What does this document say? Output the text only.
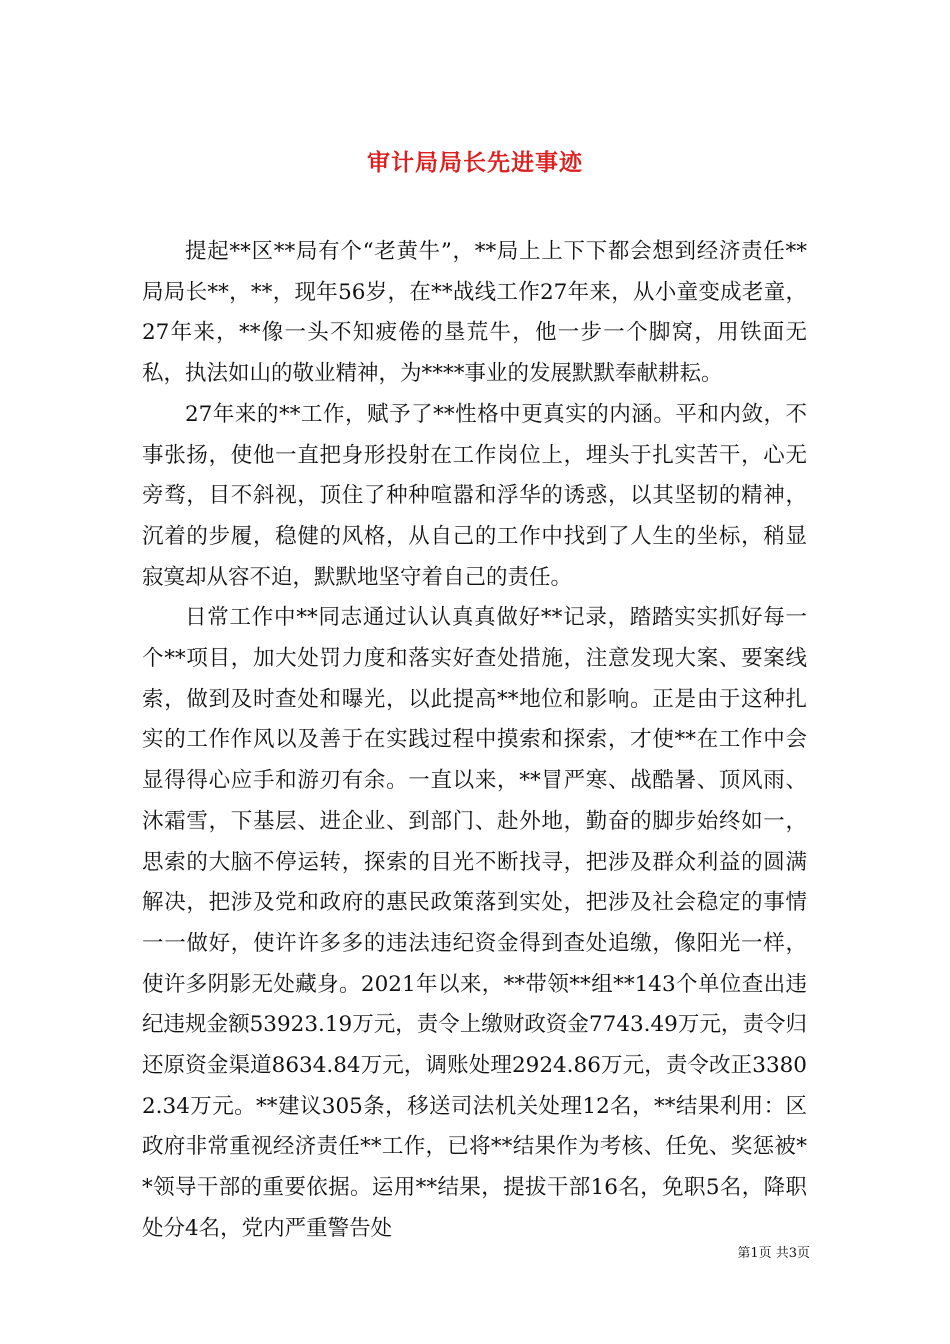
审计局局长先进事迹

提起**区**局有个“老黄牛”，**局上上下下都会想到经济责任**局局长**，**，现年56岁，在**战线工作27年来，从小童变成老童，27年来，**像一头不知疲倦的垦荒牛，他一步一个脚窝，用铁面无私，执法如山的敬业精神，为****事业的发展默默奉献耕耘。

27年来的**工作，赋予了**性格中更真实的内涵。平和内敛，不事张扬，使他一直把身形投射在工作岗位上，埋头于扎实苦干，心无旁骛，目不斜视，顶住了种种喧嚣和浮华的诱惑，以其坚韧的精神，沉着的步履，稳健的风格，从自己的工作中找到了人生的坐标，稍显寂寞却从容不迫，默默地坚守着自己的责任。

日常工作中**同志通过认认真真做好**记录，踏踏实实抓好每一个**项目，加大处罚力度和落实好查处措施，注意发现大案、要案线索，做到及时查处和曝光，以此提高**地位和影响。正是由于这种扎实的工作作风以及善于在实践过程中摸索和探索，才使**在工作中会显得得心应手和游刃有余。一直以来，**冒严寒、战酷暑、顶风雨、沐霜雪，下基层、进企业、到部门、赴外地，勤奋的脚步始终如一，思索的大脑不停运转，探索的目光不断找寻，把涉及群众利益的圆满解决，把涉及党和政府的惠民政策落到实处，把涉及社会稳定的事情一一做好，使许许多多的违法违纪资金得到查处追缴，像阳光一样，使许多阴影无处藏身。2021年以来，**带领**组**143个单位查出违纪违规金额53923.19万元，责令上缴财政资金7743.49万元，责令归还原资金渠道8634.84万元，调账处理2924.86万元，责令改正33802.34万元。**建议305条，移送司法机关处理12名，**结果利用：区政府非常重视经济责任**工作，已将**结果作为考核、任免、奖惩被**领导干部的重要依据。运用**结果，提拔干部16名，免职5名，降职处分4名，党内严重警告处

第1页 共3页
